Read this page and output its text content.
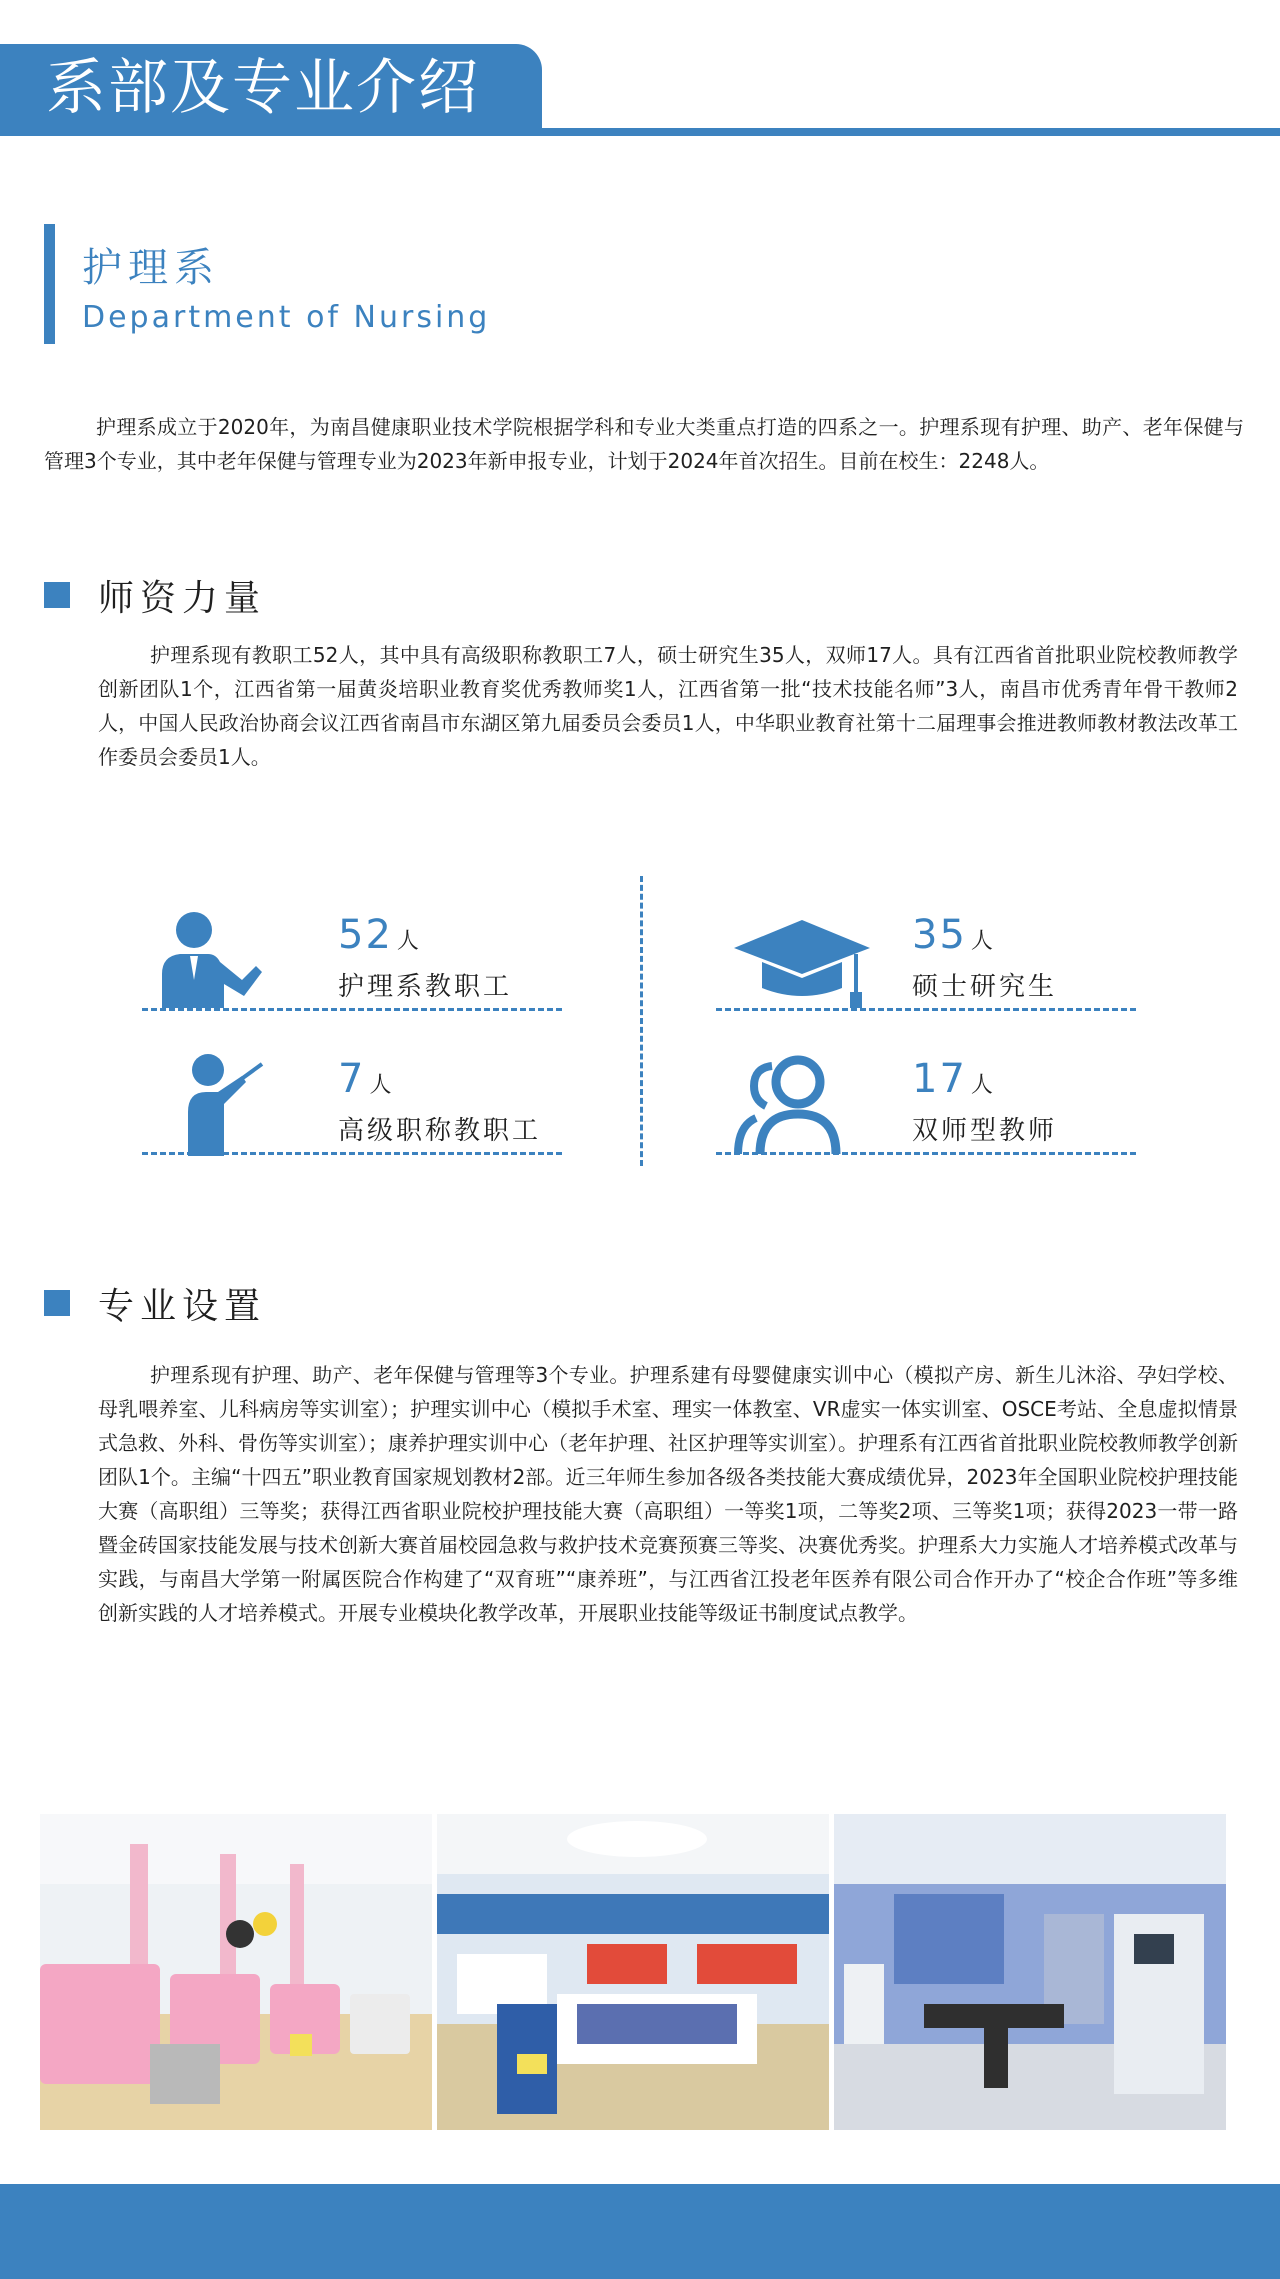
系部及专业介绍
护理系
Department of Nursing

护理系成立于2020年，为南昌健康职业技术学院根据学科和专业大类重点打造的四系之一。护理系现有护理、助产、老年保健与管理3个专业，其中老年保健与管理专业为2023年新申报专业，计划于2024年首次招生。目前在校生：2248人。

师资力量

护理系现有教职工52人，其中具有高级职称教职工7人，硕士研究生35人，双师17人。具有江西省首批职业院校教师教学创新团队1个，江西省第一届黄炎培职业教育奖优秀教师奖1人，江西省第一批“技术技能名师”3人，南昌市优秀青年骨干教师2人，中国人民政治协商会议江西省南昌市东湖区第九届委员会委员1人，中华职业教育社第十二届理事会推进教师教材教法改革工作委员会委员1人。

52 人
护理系教职工
35 人
硕士研究生
7 人
高级职称教职工
17 人
双师型教师
专业设置

护理系现有护理、助产、老年保健与管理等3个专业。护理系建有母婴健康实训中心（模拟产房、新生儿沐浴、孕妇学校、母乳喂养室、儿科病房等实训室）；护理实训中心（模拟手术室、理实一体教室、VR虚实一体实训室、OSCE考站、全息虚拟情景式急救、外科、骨伤等实训室）；康养护理实训中心（老年护理、社区护理等实训室）。护理系有江西省首批职业院校教师教学创新团队1个。主编“十四五”职业教育国家规划教材2部。近三年师生参加各级各类技能大赛成绩优异，2023年全国职业院校护理技能大赛（高职组）三等奖；获得江西省职业院校护理技能大赛（高职组）一等奖1项，二等奖2项、三等奖1项；获得2023一带一路暨金砖国家技能发展与技术创新大赛首届校园急救与救护技术竞赛预赛三等奖、决赛优秀奖。护理系大力实施人才培养模式改革与实践，与南昌大学第一附属医院合作构建了“双育班”“康养班”，与江西省江投老年医养有限公司合作开办了“校企合作班”等多维创新实践的人才培养模式。开展专业模块化教学改革，开展职业技能等级证书制度试点教学。
